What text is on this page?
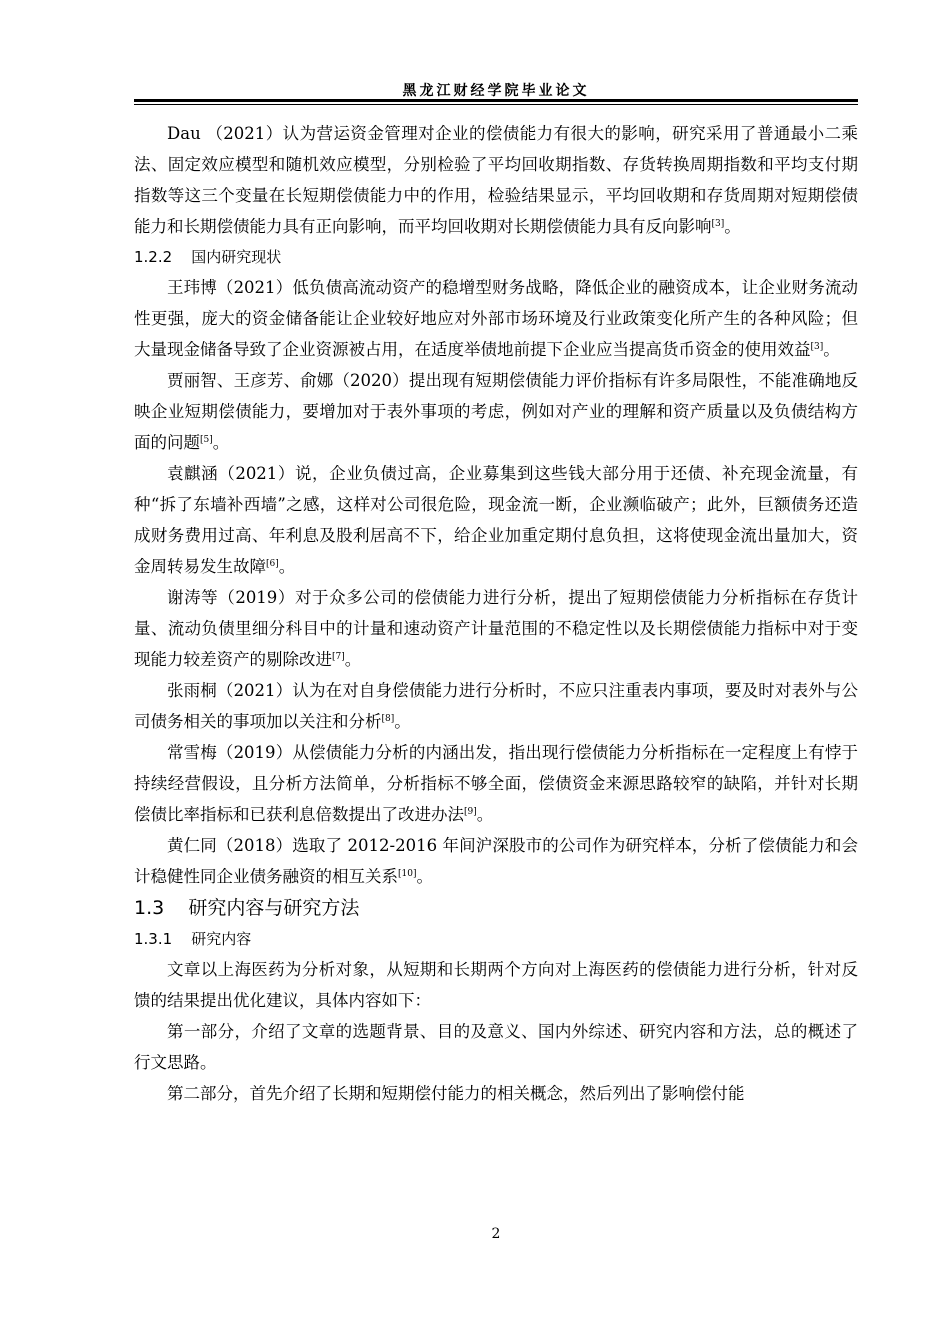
黑龙江财经学院毕业论文

Dau （2021）认为营运资金管理对企业的偿债能力有很大的影响，研究采用了普通最小二乘法、固定效应模型和随机效应模型，分别检验了平均回收期指数、存货转换周期指数和平均支付期指数等这三个变量在长短期偿债能力中的作用，检验结果显示，平均回收期和存货周期对短期偿债能力和长期偿债能力具有正向影响，而平均回收期对长期偿债能力具有反向影响[3]。

1.2.2 国内研究现状

王玮博（2021）低负债高流动资产的稳增型财务战略，降低企业的融资成本，让企业财务流动性更强，庞大的资金储备能让企业较好地应对外部市场环境及行业政策变化所产生的各种风险；但大量现金储备导致了企业资源被占用，在适度举债地前提下企业应当提高货币资金的使用效益[3]。

贾丽智、王彦芳、俞娜（2020）提出现有短期偿债能力评价指标有许多局限性，不能准确地反映企业短期偿债能力，要增加对于表外事项的考虑，例如对产业的理解和资产质量以及负债结构方面的问题[5]。

袁麒涵（2021）说，企业负债过高，企业募集到这些钱大部分用于还债、补充现金流量，有种“拆了东墙补西墙”之感，这样对公司很危险，现金流一断，企业濒临破产；此外，巨额债务还造成财务费用过高、年利息及股利居高不下，给企业加重定期付息负担，这将使现金流出量加大，资金周转易发生故障[6]。

谢涛等（2019）对于众多公司的偿债能力进行分析，提出了短期偿债能力分析指标在存货计量、流动负债里细分科目中的计量和速动资产计量范围的不稳定性以及长期偿债能力指标中对于变现能力较差资产的剔除改进[7]。

张雨桐（2021）认为在对自身偿债能力进行分析时，不应只注重表内事项，要及时对表外与公司债务相关的事项加以关注和分析[8]。

常雪梅（2019）从偿债能力分析的内涵出发，指出现行偿债能力分析指标在一定程度上有悖于持续经营假设，且分析方法简单，分析指标不够全面，偿债资金来源思路较窄的缺陷，并针对长期偿债比率指标和已获利息倍数提出了改进办法[9]。

黄仁同（2018）选取了 2012-2016 年间沪深股市的公司作为研究样本，分析了偿债能力和会计稳健性同企业债务融资的相互关系[10]。

1.3 研究内容与研究方法
1.3.1 研究内容

文章以上海医药为分析对象，从短期和长期两个方向对上海医药的偿债能力进行分析，针对反馈的结果提出优化建议，具体内容如下：

第一部分，介绍了文章的选题背景、目的及意义、国内外综述、研究内容和方法，总的概述了行文思路。

第二部分，首先介绍了长期和短期偿付能力的相关概念，然后列出了影响偿付能

2
